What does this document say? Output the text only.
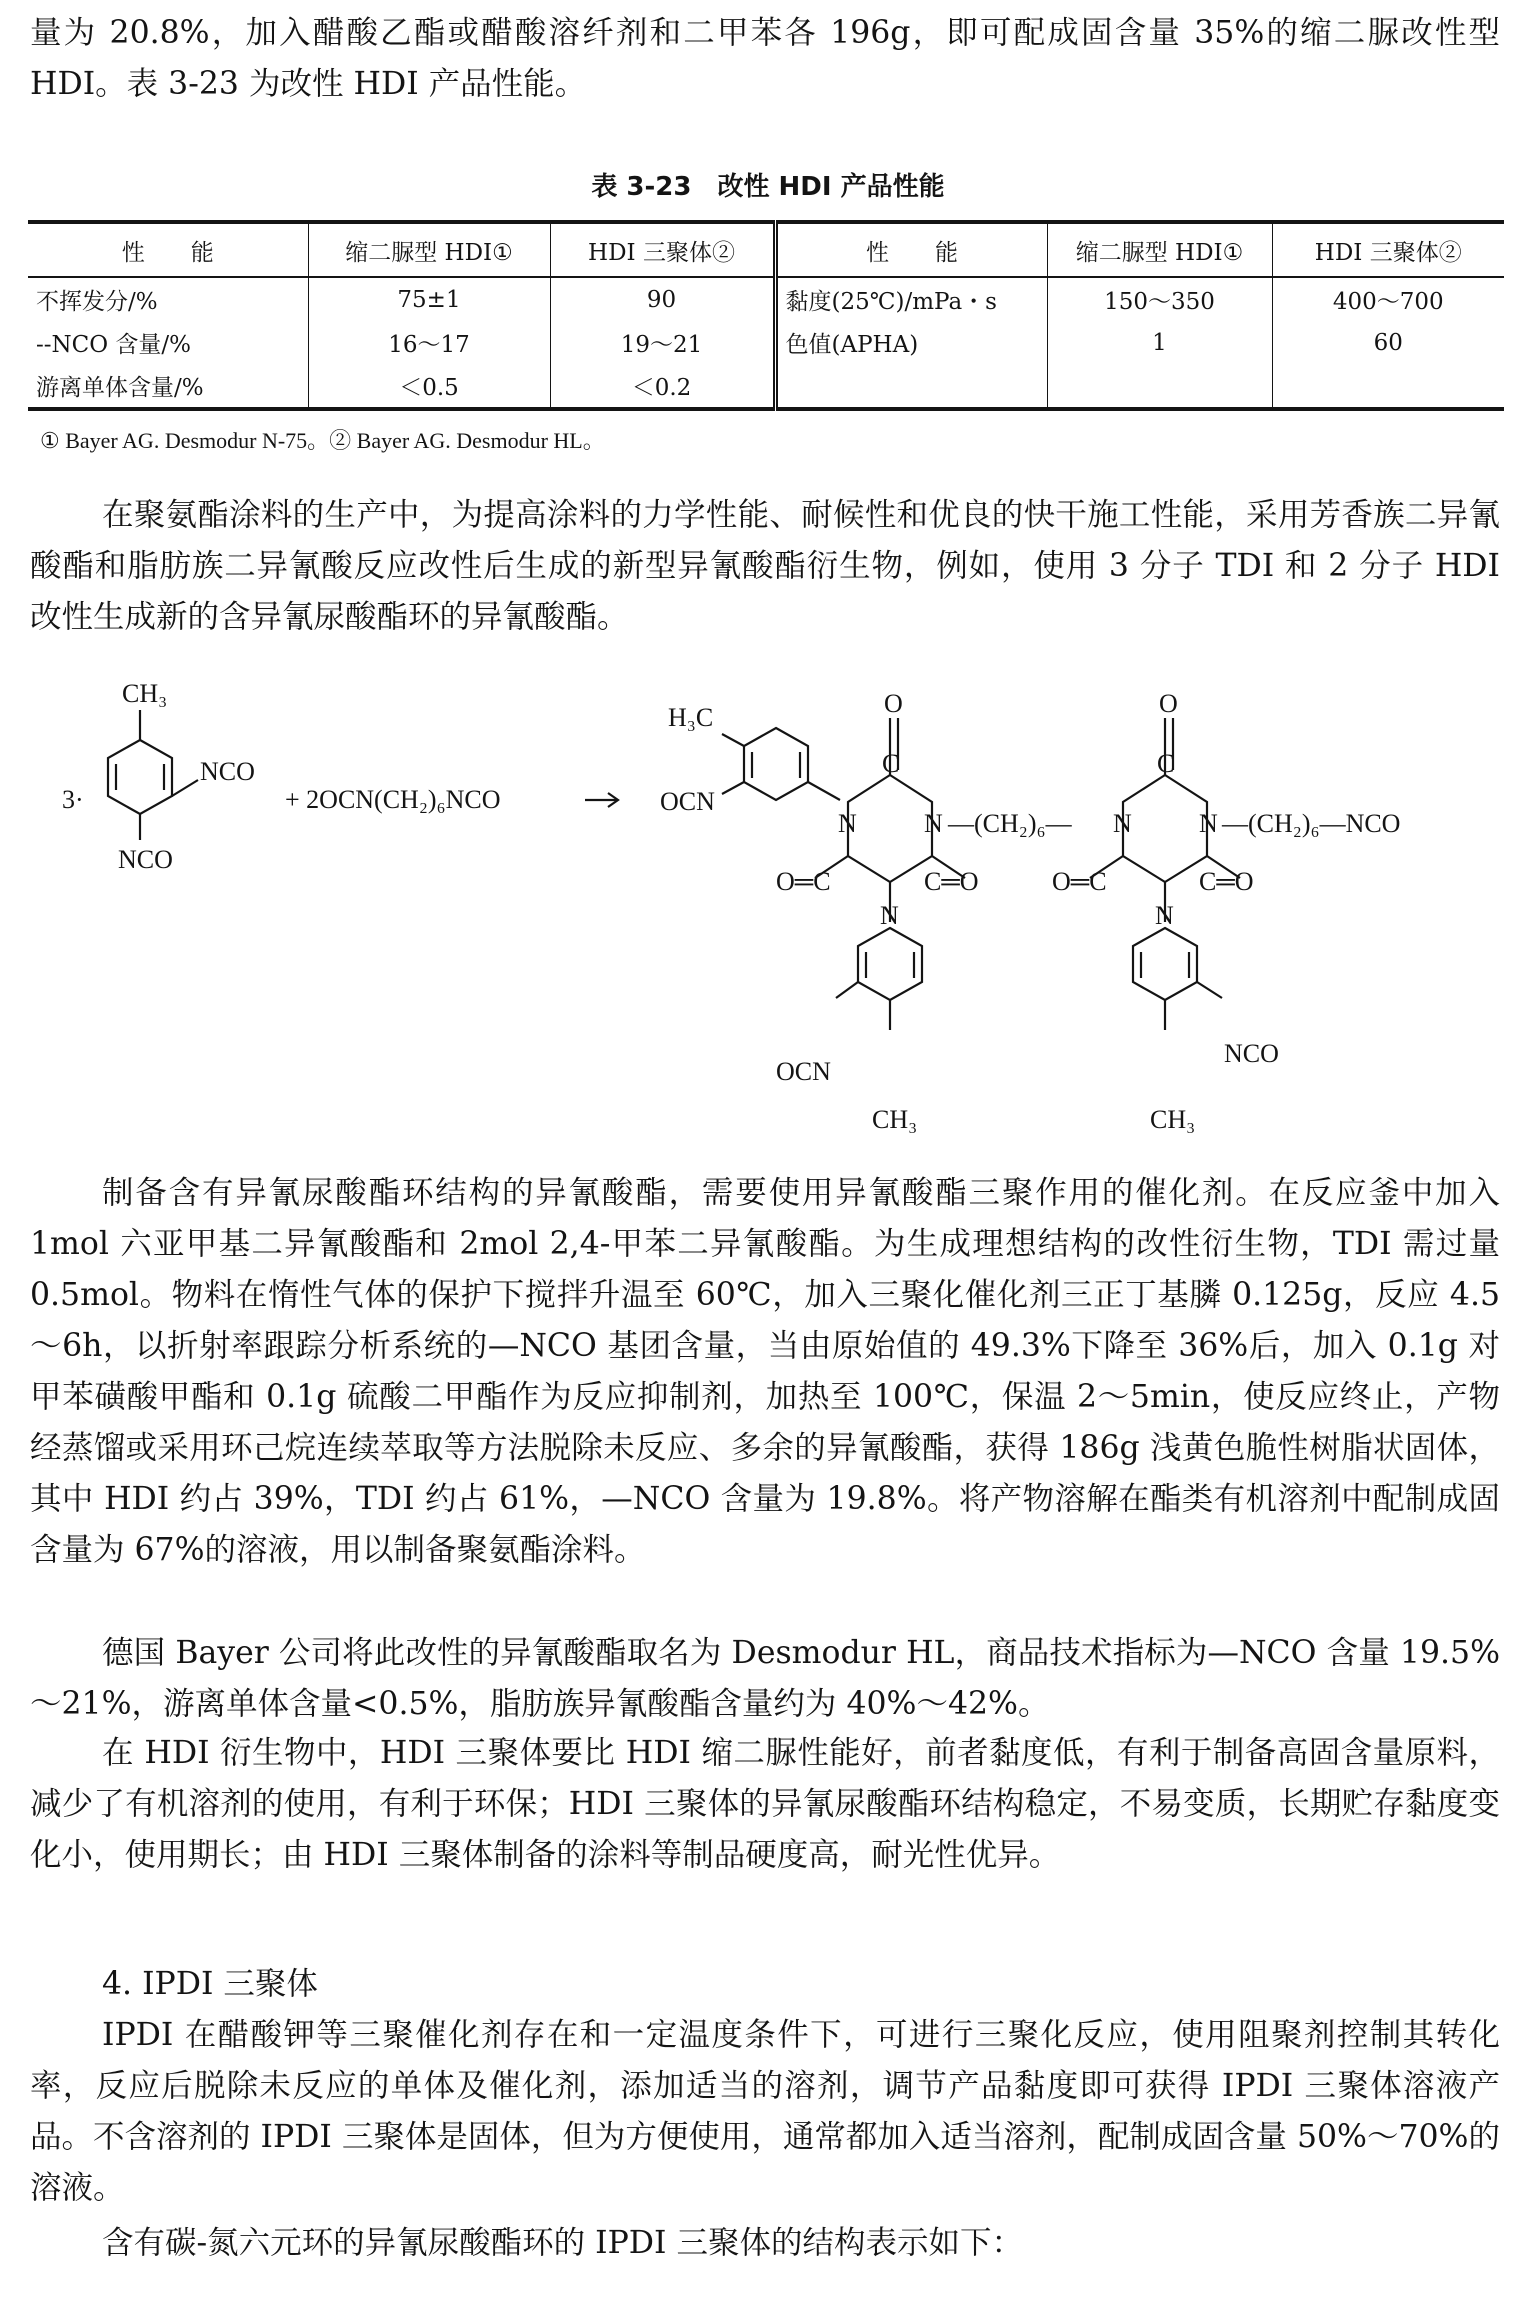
量为 20.8%，加入醋酸乙酯或醋酸溶纤剂和二甲苯各 196g，即可配成固含量 35%的缩二脲改性型 HDI。表 3-23 为改性 HDI 产品性能。

表 3-23　改性 HDI 产品性能
性　　能	缩二脲型 HDI①	HDI 三聚体②	性　　能	缩二脲型 HDI①	HDI 三聚体②
不挥发分/%	75±1	90	黏度(25℃)/mPa・s	150～350	400～700
--NCO 含量/%	16～17	19～21	色值(APHA)	1	60
游离单体含量/%	＜0.5	＜0.2			
① Bayer AG. Desmodur N-75。② Bayer AG. Desmodur HL。

在聚氨酯涂料的生产中，为提高涂料的力学性能、耐候性和优良的快干施工性能，采用芳香族二异氰酸酯和脂肪族二异氰酸反应改性后生成的新型异氰酸酯衍生物，例如，使用 3 分子 TDI 和 2 分子 HDI 改性生成新的含异氰尿酸酯环的异氰酸酯。

3·
CH₃
NCO
NCO
+ 2OCN(CH₂)₆NCO
H₃C
OCN
O
C
N	N
O═C	C═O
N
—(CH₂)₆—
O
C
N	N
O═C	C═O
N
—(CH₂)₆—NCO
OCN
CH₃
NCO
CH₃

制备含有异氰尿酸酯环结构的异氰酸酯，需要使用异氰酸酯三聚作用的催化剂。在反应釜中加入 1mol 六亚甲基二异氰酸酯和 2mol 2,4-甲苯二异氰酸酯。为生成理想结构的改性衍生物，TDI 需过量 0.5mol。物料在惰性气体的保护下搅拌升温至 60℃，加入三聚化催化剂三正丁基膦 0.125g，反应 4.5～6h，以折射率跟踪分析系统的—NCO 基团含量，当由原始值的 49.3%下降至 36%后，加入 0.1g 对甲苯磺酸甲酯和 0.1g 硫酸二甲酯作为反应抑制剂，加热至 100℃，保温 2～5min，使反应终止，产物经蒸馏或采用环己烷连续萃取等方法脱除未反应、多余的异氰酸酯，获得 186g 浅黄色脆性树脂状固体，其中 HDI 约占 39%，TDI 约占 61%，—NCO 含量为 19.8%。将产物溶解在酯类有机溶剂中配制成固含量为 67%的溶液，用以制备聚氨酯涂料。

德国 Bayer 公司将此改性的异氰酸酯取名为 Desmodur HL，商品技术指标为—NCO 含量 19.5%～21%，游离单体含量<0.5%，脂肪族异氰酸酯含量约为 40%～42%。

在 HDI 衍生物中，HDI 三聚体要比 HDI 缩二脲性能好，前者黏度低，有利于制备高固含量原料，减少了有机溶剂的使用，有利于环保；HDI 三聚体的异氰尿酸酯环结构稳定，不易变质，长期贮存黏度变化小，使用期长；由 HDI 三聚体制备的涂料等制品硬度高，耐光性优异。

4. IPDI 三聚体

IPDI 在醋酸钾等三聚催化剂存在和一定温度条件下，可进行三聚化反应，使用阻聚剂控制其转化率，反应后脱除未反应的单体及催化剂，添加适当的溶剂，调节产品黏度即可获得 IPDI 三聚体溶液产品。不含溶剂的 IPDI 三聚体是固体，但为方便使用，通常都加入适当溶剂，配制成固含量 50%～70%的溶液。

含有碳-氮六元环的异氰尿酸酯环的 IPDI 三聚体的结构表示如下：
